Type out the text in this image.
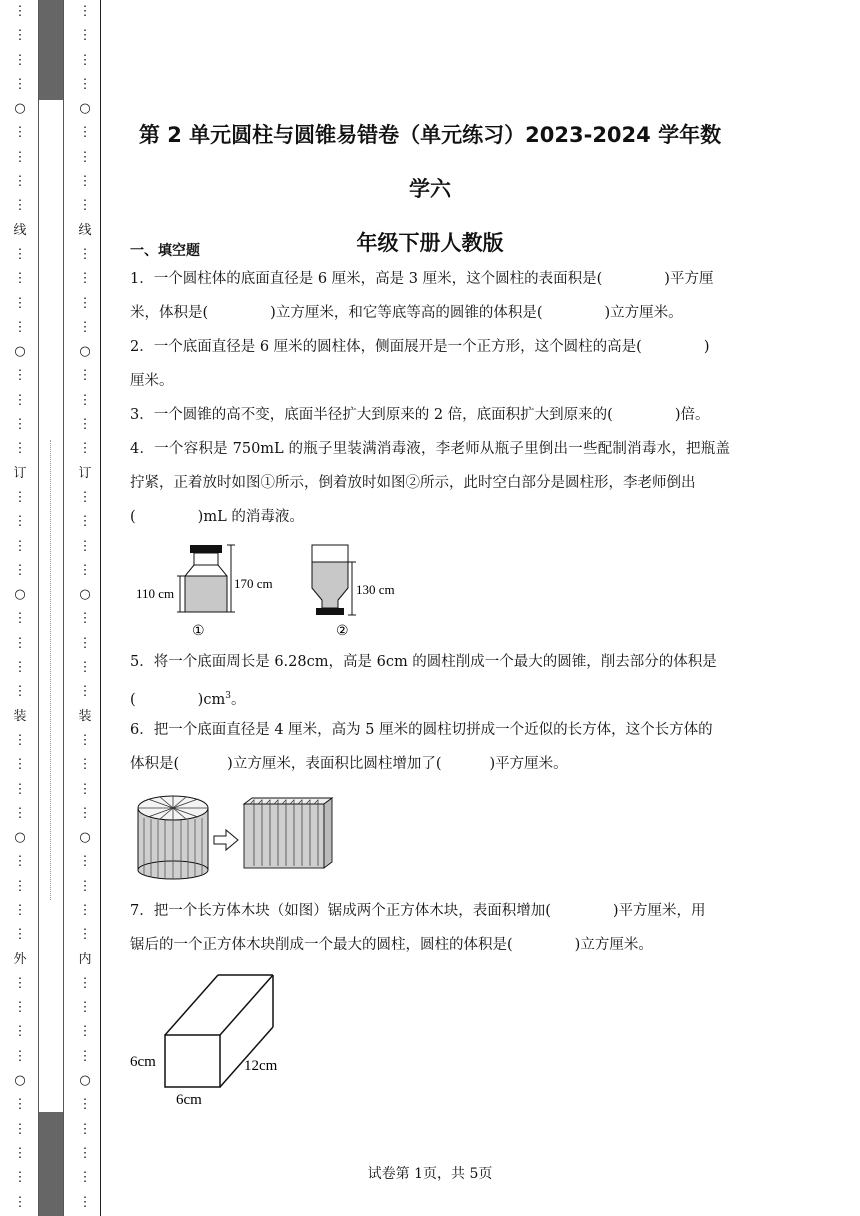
⋮
⋮
⋮
⋮
○
⋮
⋮
⋮
⋮
线
⋮
⋮
⋮
⋮
○
⋮
⋮
⋮
⋮
订
⋮
⋮
⋮
⋮
○
⋮
⋮
⋮
⋮
装
⋮
⋮
⋮
⋮
○
⋮
⋮
⋮
⋮
外
⋮
⋮
⋮
⋮
○
⋮
⋮
⋮
⋮
⋮
⋮
⋮
⋮
⋮
○
⋮
⋮
⋮
⋮
线
⋮
⋮
⋮
⋮
○
⋮
⋮
⋮
⋮
订
⋮
⋮
⋮
⋮
○
⋮
⋮
⋮
⋮
装
⋮
⋮
⋮
⋮
○
⋮
⋮
⋮
⋮
内
⋮
⋮
⋮
⋮
○
⋮
⋮
⋮
⋮
⋮
第 2 单元圆柱与圆锥易错卷（单元练习）2023-2024 学年数学六
年级下册人教版
一、填空题
1．一个圆柱体的底面直径是 6 厘米，高是 3 厘米，这个圆柱的表面积是(	)平方厘
米，体积是(	)立方厘米，和它等底等高的圆锥的体积是(	)立方厘米。
2．一个底面直径是 6 厘米的圆柱体，侧面展开是一个正方形，这个圆柱的高是(	)
厘米。
3．一个圆锥的高不变，底面半径扩大到原来的 2 倍，底面积扩大到原来的(	)倍。
4．一个容积是 750mL 的瓶子里装满消毒液，李老师从瓶子里倒出一些配制消毒水，把瓶盖拧紧，正着放时如图①所示，倒着放时如图②所示，此时空白部分是圆柱形，李老师倒出
(	)mL 的消毒液。
110 cm
170 cm
①
130 cm
②
5．将一个底面周长是 6.28cm，高是 6cm 的圆柱削成一个最大的圆锥，削去部分的体积是
(	)$cm^3$。
6．把一个底面直径是 4 厘米，高为 5 厘米的圆柱切拼成一个近似的长方体，这个长方体的
体积是(	)立方厘米，表面积比圆柱增加了(	)平方厘米。
7．把一个长方体木块（如图）锯成两个正方体木块，表面积增加(	)平方厘米，用
锯后的一个正方体木块削成一个最大的圆柱，圆柱的体积是(	)立方厘米。
6cm
6cm
12cm
试卷第 1页，共 5页
